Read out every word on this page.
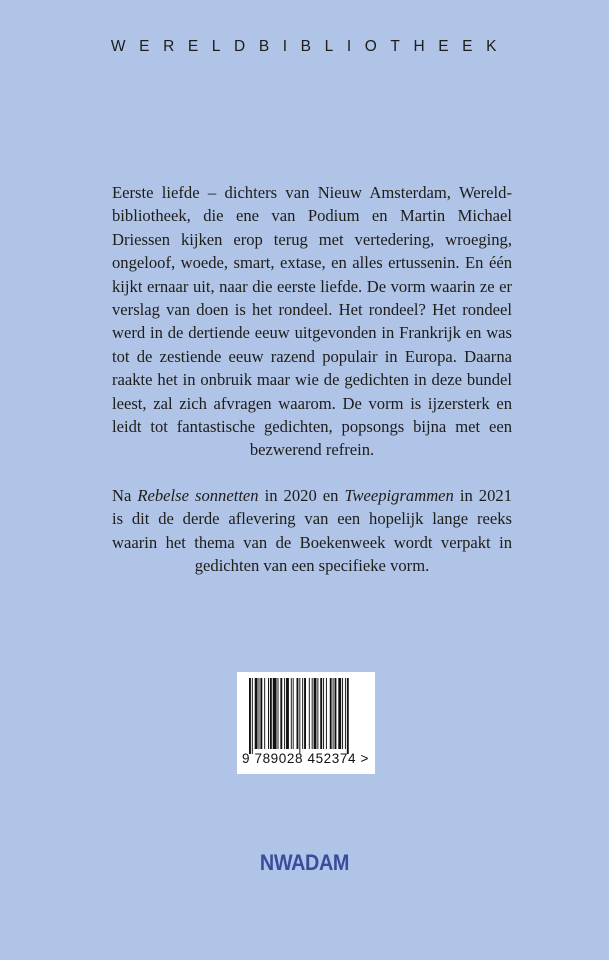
WERELDBIBLIOTHEEK

Eerste liefde – dichters van Nieuw Amsterdam, Wereldbibliotheek, die ene van Podium en Martin Michael Driessen kijken erop terug met vertedering, wroeging, ongeloof, woede, smart, extase, en alles ertussenin. En één kijkt ernaar uit, naar die eerste liefde. De vorm waarin ze er verslag van doen is het rondeel. Het rondeel? Het rondeel werd in de dertiende eeuw uitgevonden in Frankrijk en was tot de zestiende eeuw razend populair in Europa. Daarna raakte het in onbruik maar wie de gedichten in deze bundel leest, zal zich afvragen waarom. De vorm is ijzersterk en leidt tot fantastische gedichten, popsongs bijna met een bezwerend refrein.

Na Rebelse sonnetten in 2020 en Tweepigrammen in 2021 is dit de derde aflevering van een hopelijk lange reeks waarin het thema van de Boekenweek wordt verpakt in gedichten van een specifieke vorm.

9 789028 452374 >
NWADAM
